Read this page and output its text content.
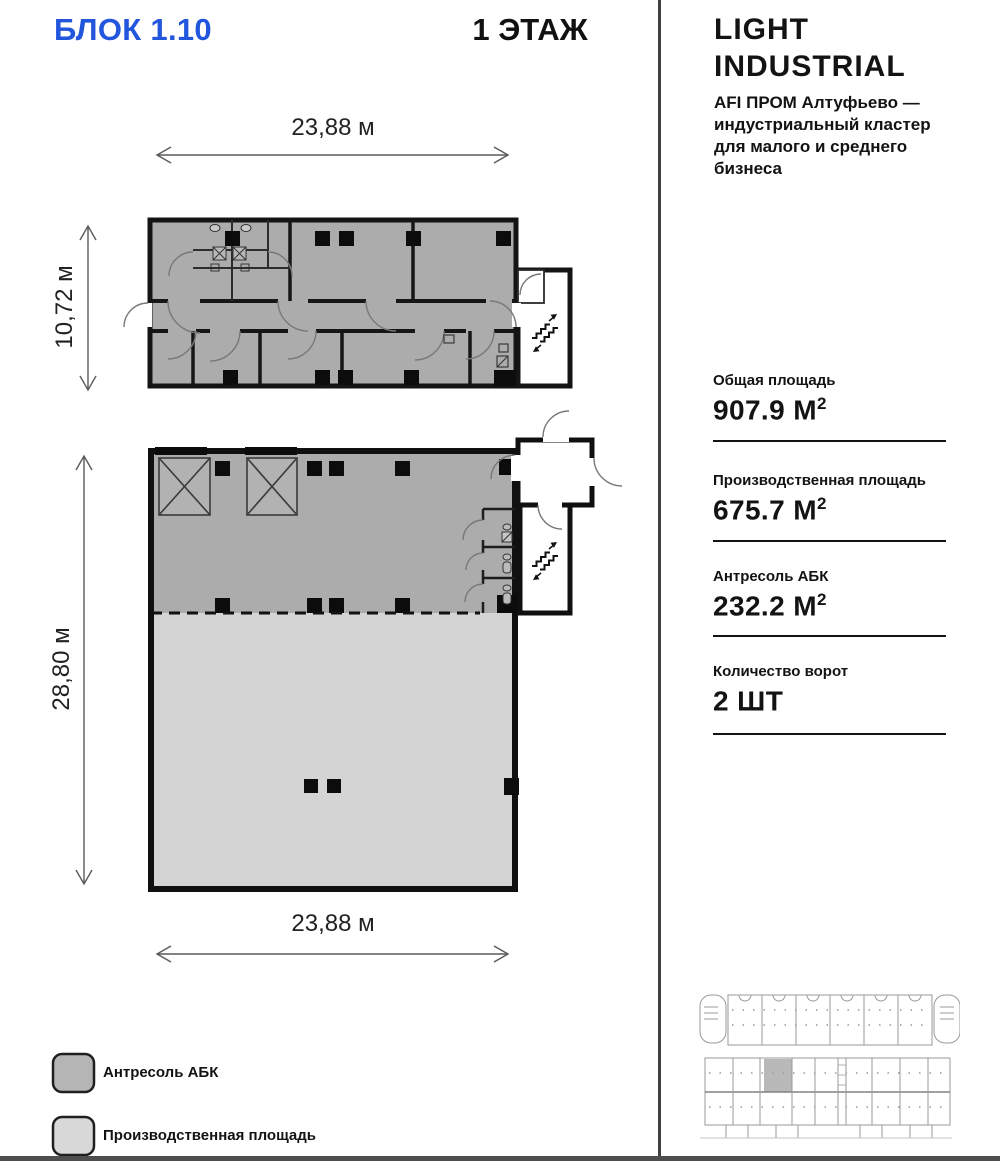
БЛОК 1.10	1 ЭТАЖ
23,88 м
10,72 м
28,80 м
23,88 м
LIGHT
INDUSTRIAL
AFI ПРОМ Алтуфьево — индустриальный кластер для малого и среднего бизнеса
Общая площадь
907.9 $М^2$
Производственная площадь
675.7 $М^2$
Антресоль АБК
232.2 $М^2$
Количество ворот
2 ШТ
Антресоль АБК
Производственная площадь
